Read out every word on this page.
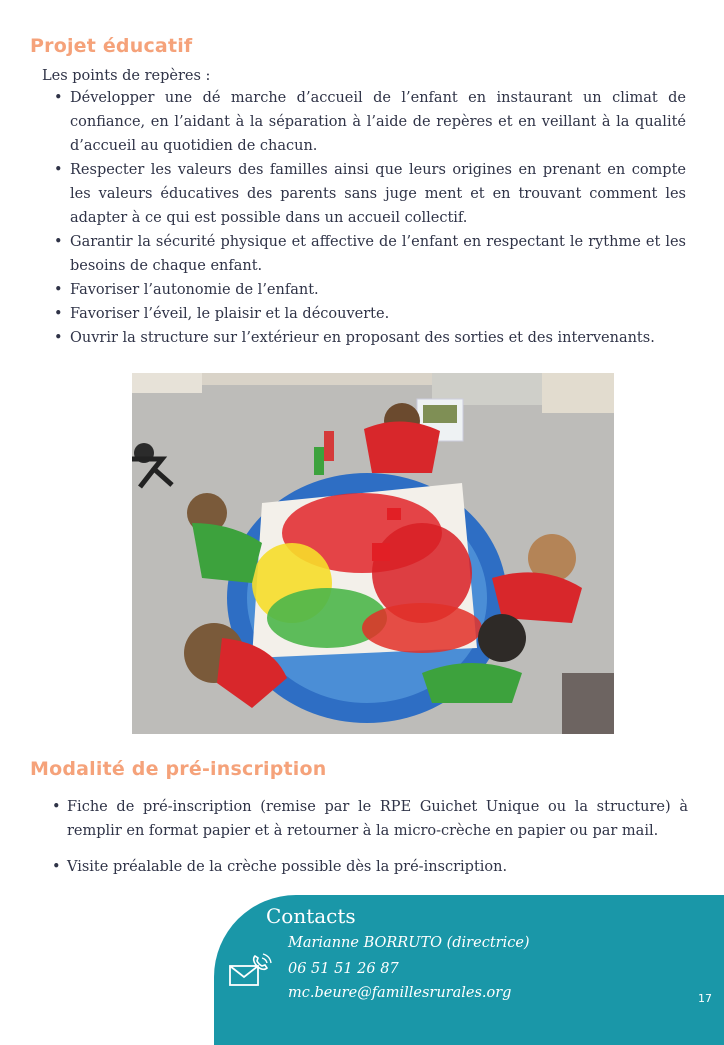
Projet éducatif

Les points de repères :

• Développer une dé marche d’accueil de l’enfant en instaurant un climat de confiance, en l’aidant à la séparation à l’aide de repères et en veillant à la qualité d’accueil au quotidien de chacun.
• Respecter les valeurs des familles ainsi que leurs origines en prenant en compte les valeurs éducatives des parents sans juge ment et en trouvant comment les adapter à ce qui est possible dans un accueil collectif.
• Garantir la sécurité physique et affective de l’enfant en respectant le rythme et les besoins de chaque enfant.
• Favoriser l’autonomie de l’enfant.
• Favoriser l’éveil, le plaisir et la découverte.
• Ouvrir la structure sur l’extérieur en proposant des sorties et des intervenants.
Modalité de pré-inscription
• Fiche de pré-inscription (remise par le RPE Guichet Unique ou la structure) à remplir en format papier et à retourner à la micro-crèche en papier ou par mail.
• Visite préalable de la crèche possible dès la pré-inscription.
Contacts

Marianne BORRUTO (directrice)

06 51 51 26 87

mc.beure@famillesrurales.org	17
